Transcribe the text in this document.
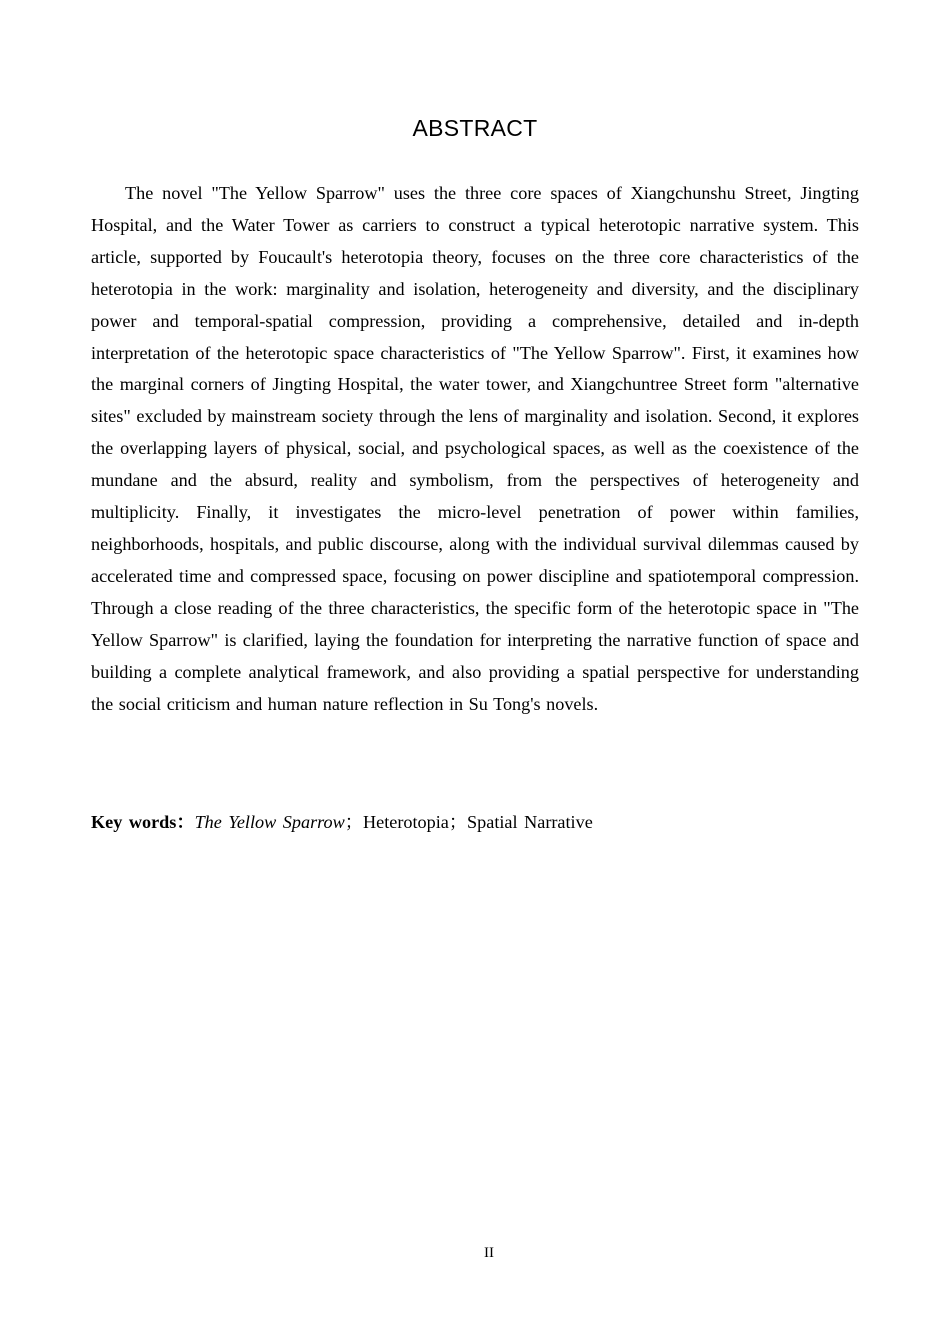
ABSTRACT

The novel "The Yellow Sparrow" uses the three core spaces of Xiangchunshu Street, Jingting Hospital, and the Water Tower as carriers to construct a typical heterotopic narrative system. This article, supported by Foucault's heterotopia theory, focuses on the three core characteristics of the heterotopia in the work: marginality and isolation, heterogeneity and diversity, and the disciplinary power and temporal-spatial compression, providing a comprehensive, detailed and in-depth interpretation of the heterotopic space characteristics of "The Yellow Sparrow". First, it examines how the marginal corners of Jingting Hospital, the water tower, and Xiangchuntree Street form "alternative sites" excluded by mainstream society through the lens of marginality and isolation. Second, it explores the overlapping layers of physical, social, and psychological spaces, as well as the coexistence of the mundane and the absurd, reality and symbolism, from the perspectives of heterogeneity and multiplicity. Finally, it investigates the micro-level penetration of power within families, neighborhoods, hospitals, and public discourse, along with the individual survival dilemmas caused by accelerated time and compressed space, focusing on power discipline and spatiotemporal compression. Through a close reading of the three characteristics, the specific form of the heterotopic space in "The Yellow Sparrow" is clarified, laying the foundation for interpreting the narrative function of space and building a complete analytical framework, and also providing a spatial perspective for understanding the social criticism and human nature reflection in Su Tong's novels.

Key words：The Yellow Sparrow；Heterotopia；Spatial Narrative

II
